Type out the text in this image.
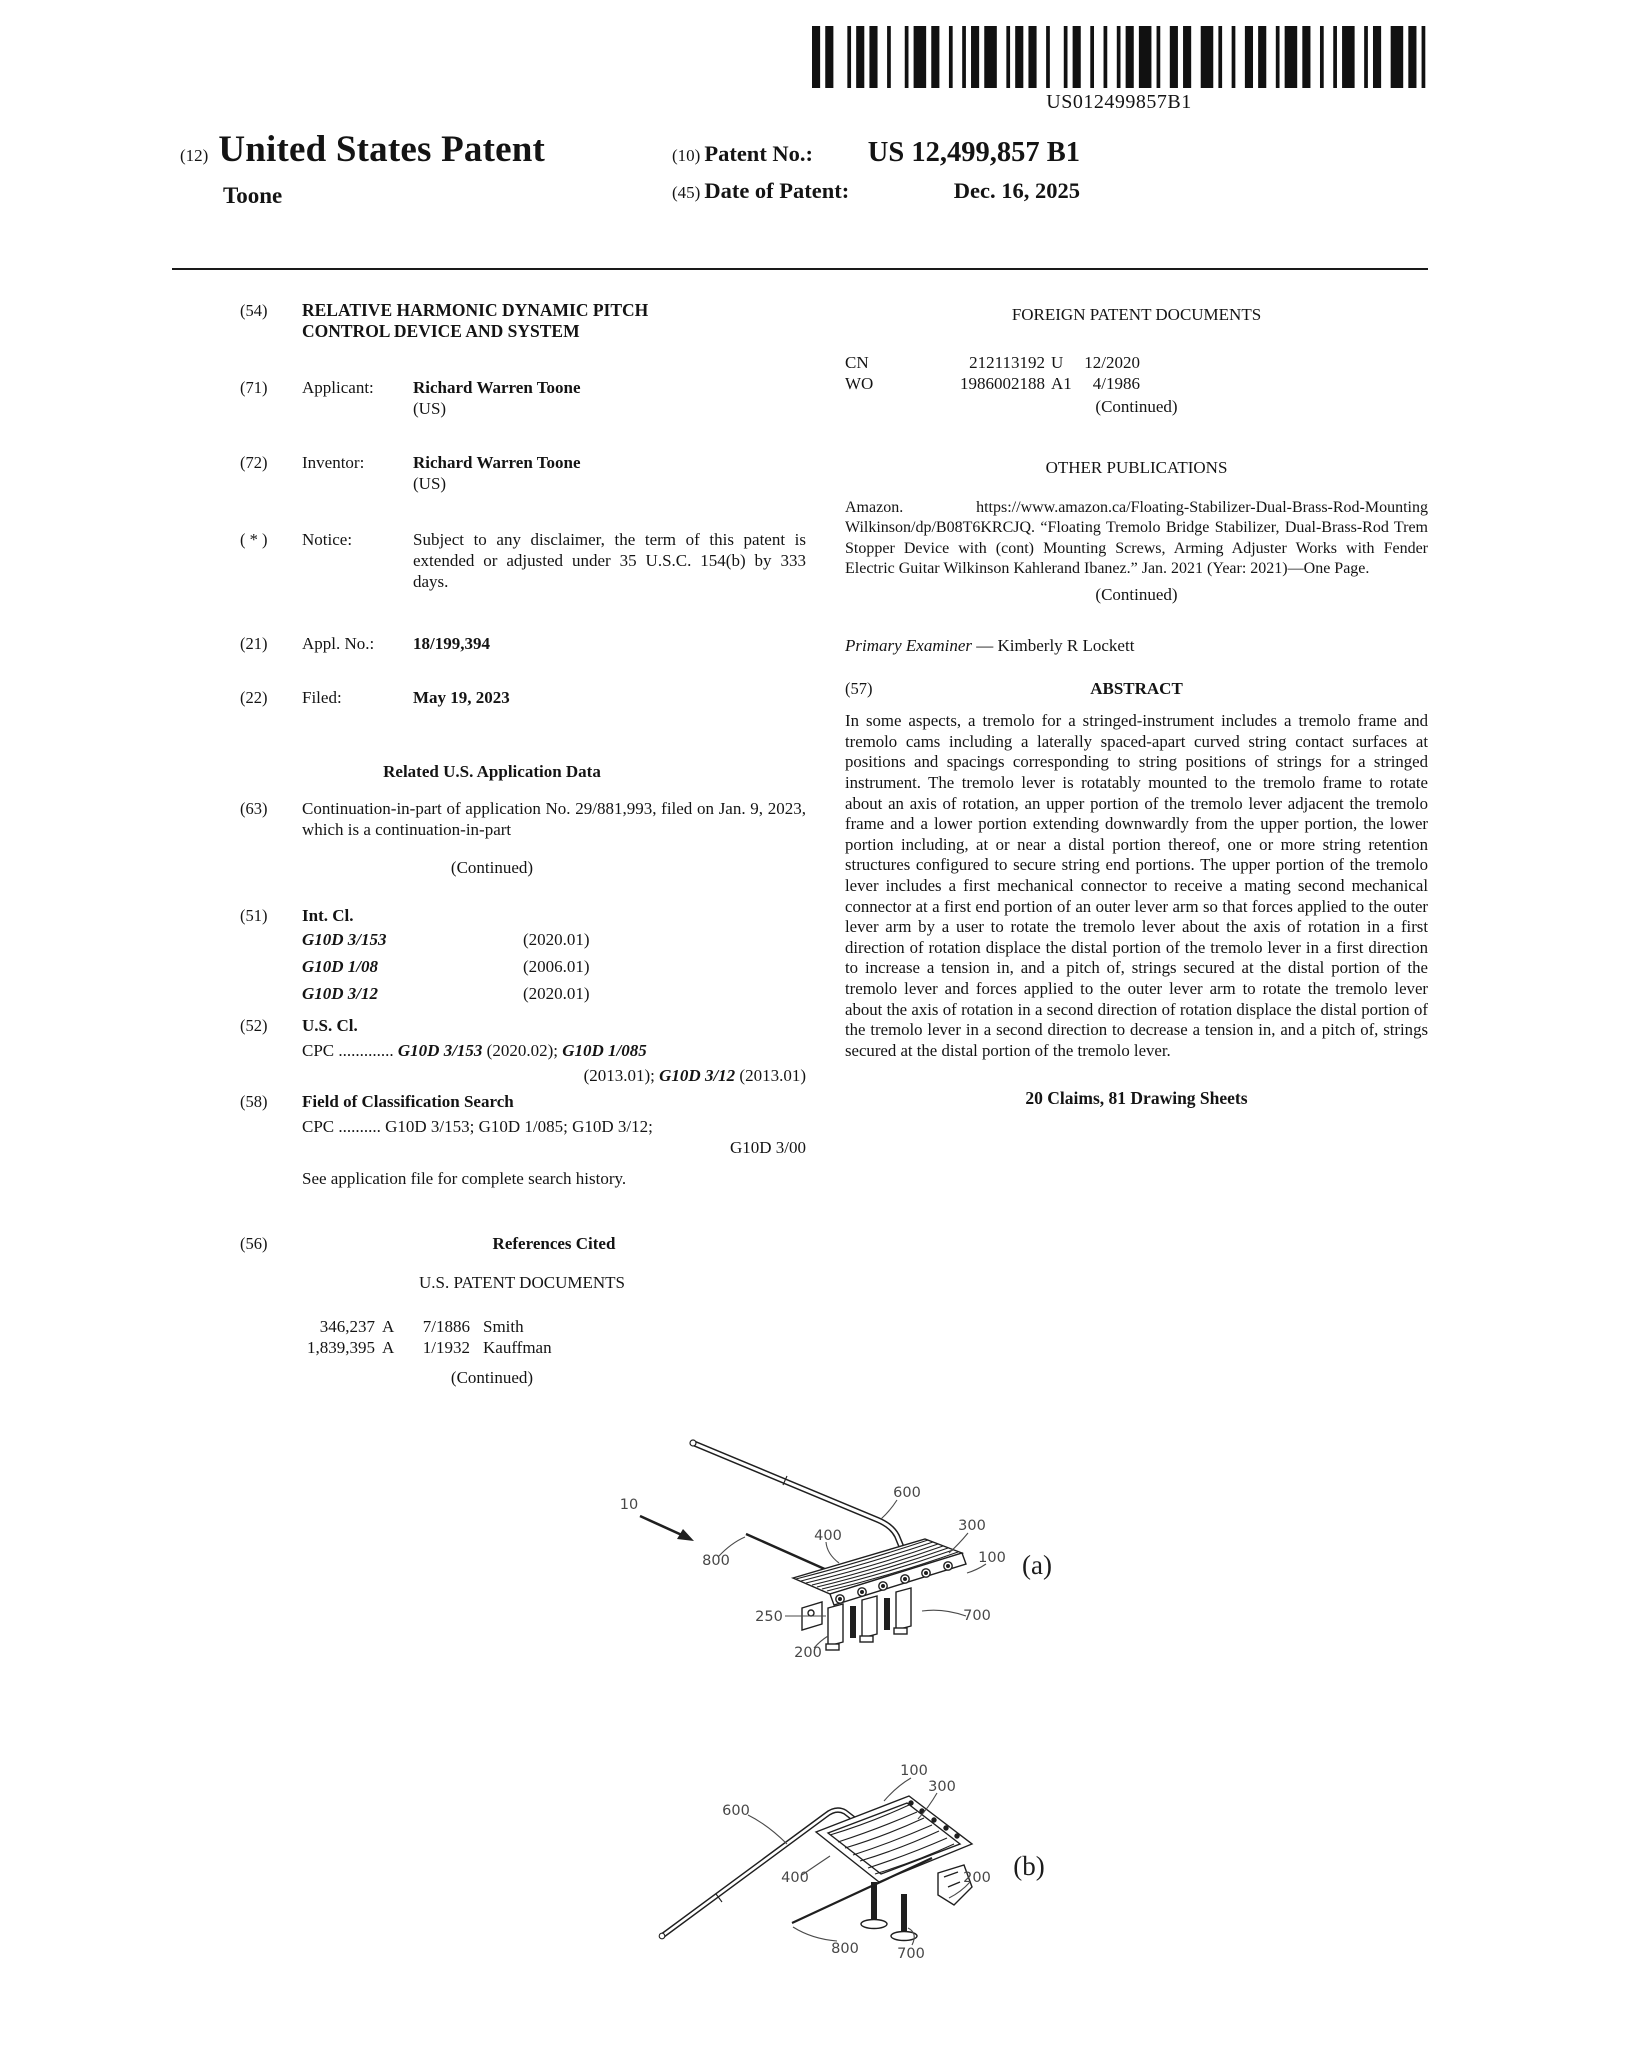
US012499857B1
(12) United States Patent
Toone
(10) Patent No.: US 12,499,857 B1
(45) Date of Patent:	Dec. 16, 2025
(54)	RELATIVE HARMONIC DYNAMIC PITCH CONTROL DEVICE AND SYSTEM
(71)	Applicant:	Richard Warren Toone
(US)
(72)	Inventor:	Richard Warren Toone
(US)
( * )	Notice:	Subject to any disclaimer, the term of this patent is extended or adjusted under 35 U.S.C. 154(b) by 333 days.
(21)	Appl. No.:	18/199,394
(22)	Filed:	May 19, 2023
Related U.S. Application Data
(63)	Continuation-in-part of application No. 29/881,993, filed on Jan. 9, 2023, which is a continuation-in-part
(Continued)
(51)	Int. Cl.
G10D 3/153	(2020.01)
G10D 1/08	(2006.01)
G10D 3/12	(2020.01)
(52)	U.S. Cl.
CPC ............. G10D 3/153 (2020.02); G10D 1/085
(2013.01); G10D 3/12 (2013.01)
(58)	Field of Classification Search
CPC .......... G10D 3/153; G10D 1/085; G10D 3/12;
G10D 3/00
See application file for complete search history.
(56)	References Cited
U.S. PATENT DOCUMENTS
346,237 A	7/1886 Smith
1,839,395 A	1/1932 Kauffman
(Continued)
FOREIGN PATENT DOCUMENTS
CN	212113192 U	12/2020
WO	1986002188 A1	4/1986
(Continued)
OTHER PUBLICATIONS
Amazon. https://www.amazon.ca/Floating-Stabilizer-Dual-Brass-Rod-Mounting Wilkinson/dp/B08T6KRCJQ. “Floating Tremolo Bridge Stabilizer, Dual-Brass-Rod Trem Stopper Device with (cont) Mounting Screws, Arming Adjuster Works with Fender Electric Guitar Wilkinson Kahlerand Ibanez.” Jan. 2021 (Year: 2021)—One Page.
(Continued)
Primary Examiner — Kimberly R Lockett
(57)	ABSTRACT
In some aspects, a tremolo for a stringed-instrument includes a tremolo frame and tremolo cams including a laterally spaced-apart curved string contact surfaces at positions and spacings corresponding to string positions of strings for a stringed instrument. The tremolo lever is rotatably mounted to the tremolo frame to rotate about an axis of rotation, an upper portion of the tremolo lever adjacent the tremolo frame and a lower portion extending downwardly from the upper portion, the lower portion including, at or near a distal portion thereof, one or more string retention structures configured to secure string end portions. The upper portion of the tremolo lever includes a first mechanical connector to receive a mating second mechanical connector at a first end portion of an outer lever arm so that forces applied to the outer lever arm by a user to rotate the tremolo lever about the axis of rotation in a first direction of rotation displace the distal portion of the tremolo lever in a first direction to increase a tension in, and a pitch of, strings secured at the distal portion of the tremolo lever and forces applied to the outer lever arm to rotate the tremolo lever about the axis of rotation in a second direction of rotation displace the distal portion of the tremolo lever in a second direction to decrease a tension in, and a pitch of, strings secured at the distal portion of the tremolo lever.
20 Claims, 81 Drawing Sheets
10
600
400
300
800	100
250	700
200
(a)
100
300
600
400	200
800	700
(b)
